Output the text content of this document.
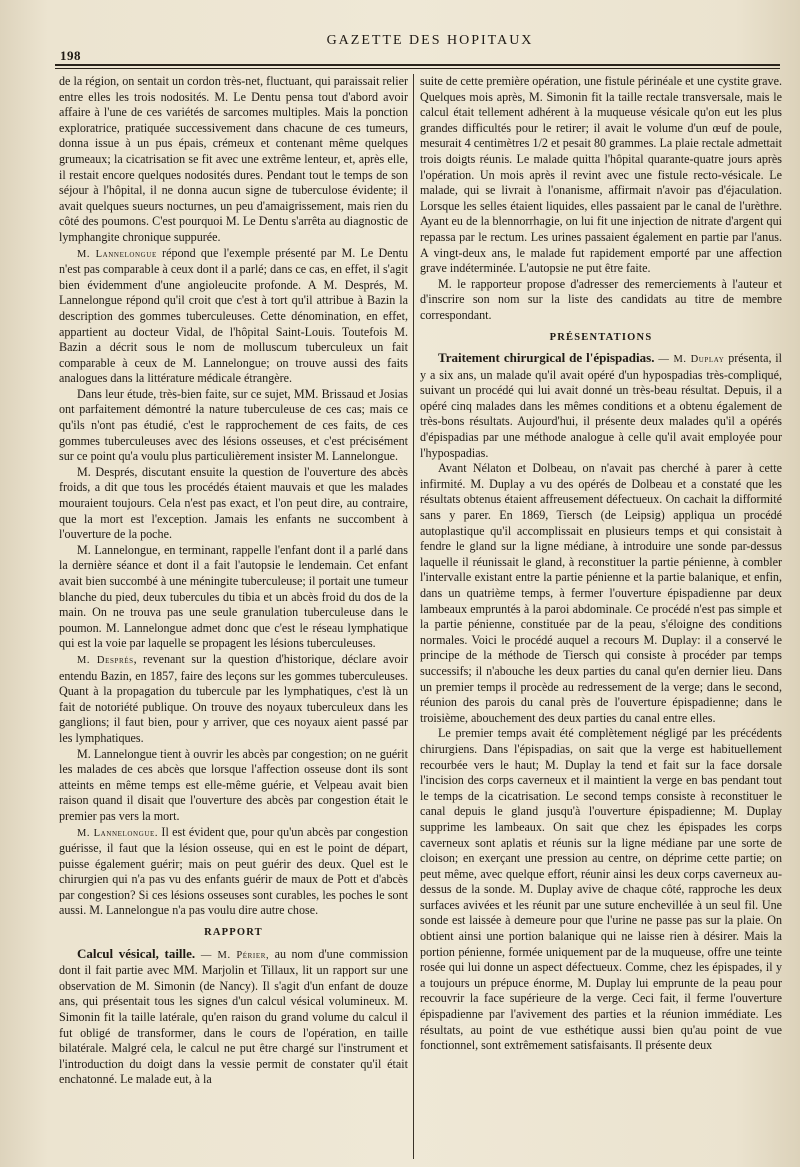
198
GAZETTE DES HOPITAUX

de la région, on sentait un cordon très-net, fluctuant, qui paraissait relier entre elles les trois nodosités. M. Le Dentu pensa tout d'abord avoir affaire à l'une de ces variétés de sarcomes multiples. Mais la ponction exploratrice, pratiquée successivement dans chacune de ces tumeurs, donna issue à un pus épais, crémeux et contenant même quelques grumeaux; la cicatrisation se fit avec une extrême lenteur, et, après elle, il restait encore quelques nodosités dures. Pendant tout le temps de son séjour à l'hôpital, il ne donna aucun signe de tuberculose évidente; il avait quelques sueurs nocturnes, un peu d'amaigrissement, mais rien du côté des poumons. C'est pourquoi M. Le Dentu s'arrêta au diagnostic de lymphangite chronique suppurée.

M. Lannelongue répond que l'exemple présenté par M. Le Dentu n'est pas comparable à ceux dont il a parlé; dans ce cas, en effet, il s'agit bien évidemment d'une angioleucite profonde. A M. Després, M. Lannelongue répond qu'il croit que c'est à tort qu'il attribue à Bazin la description des gommes tuberculeuses. Cette dénomination, en effet, appartient au docteur Vidal, de l'hôpital Saint-Louis. Toutefois M. Bazin a décrit sous le nom de molluscum tuberculeux un fait comparable à ceux de M. Lannelongue; on trouve aussi des faits analogues dans la littérature médicale étrangère.

Dans leur étude, très-bien faite, sur ce sujet, MM. Brissaud et Josias ont parfaitement démontré la nature tuberculeuse de ces cas; mais ce qu'ils n'ont pas étudié, c'est le rapprochement de ces faits, de ces gommes tuberculeuses avec des lésions osseuses, et c'est précisément sur ce point qu'a voulu plus particulièrement insister M. Lannelongue.

M. Després, discutant ensuite la question de l'ouverture des abcès froids, a dit que tous les procédés étaient mauvais et que les malades mouraient toujours. Cela n'est pas exact, et l'on peut dire, au contraire, que la mort est l'exception. Jamais les enfants ne succombent à l'ouverture de la poche.

M. Lannelongue, en terminant, rappelle l'enfant dont il a parlé dans la dernière séance et dont il a fait l'autopsie le lendemain. Cet enfant avait bien succombé à une méningite tuberculeuse; il portait une tumeur blanche du pied, deux tubercules du tibia et un abcès froid du dos de la main. On ne trouva pas une seule granulation tuberculeuse dans le poumon. M. Lannelongue admet donc que c'est le réseau lymphatique qui est la voie par laquelle se propagent les lésions tuberculeuses.

M. Després, revenant sur la question d'historique, déclare avoir entendu Bazin, en 1857, faire des leçons sur les gommes tuberculeuses. Quant à la propagation du tubercule par les lymphatiques, c'est là un fait de notoriété publique. On trouve des noyaux tuberculeux dans les ganglions; il faut bien, pour y arriver, que ces noyaux aient passé par les lymphatiques.

M. Lannelongue tient à ouvrir les abcès par congestion; on ne guérit les malades de ces abcès que lorsque l'affection osseuse dont ils sont atteints en même temps est elle-même guérie, et Velpeau avait bien raison quand il disait que l'ouverture des abcès par congestion était le premier pas vers la mort.

M. Lannelongue. Il est évident que, pour qu'un abcès par congestion guérisse, il faut que la lésion osseuse, qui en est le point de départ, puisse également guérir; mais on peut guérir des deux. Quel est le chirurgien qui n'a pas vu des enfants guérir de maux de Pott et d'abcès par congestion? Si ces lésions osseuses sont curables, les poches le sont aussi. M. Lannelongue n'a pas voulu dire autre chose.

RAPPORT

Calcul vésical, taille. — M. Périer, au nom d'une commission dont il fait partie avec MM. Marjolin et Tillaux, lit un rapport sur une observation de M. Simonin (de Nancy). Il s'agit d'un enfant de douze ans, qui présentait tous les signes d'un calcul vésical volumineux. M. Simonin fit la taille latérale, qu'en raison du grand volume du calcul il fut obligé de transformer, dans le cours de l'opération, en taille bilatérale. Malgré cela, le calcul ne put être chargé sur l'instrument et l'introduction du doigt dans la vessie permit de constater qu'il était enchatonné. Le malade eut, à la

suite de cette première opération, une fistule périnéale et une cystite grave. Quelques mois après, M. Simonin fit la taille rectale transversale, mais le calcul était tellement adhérent à la muqueuse vésicale qu'on eut les plus grandes difficultés pour le retirer; il avait le volume d'un œuf de poule, mesurait 4 centimètres 1/2 et pesait 80 grammes. La plaie rectale admettait trois doigts réunis. Le malade quitta l'hôpital quarante-quatre jours après l'opération. Un mois après il revint avec une fistule recto-vésicale. Le malade, qui se livrait à l'onanisme, affirmait n'avoir pas d'éjaculation. Lorsque les selles étaient liquides, elles passaient par le canal de l'urèthre. Ayant eu de la blennorrhagie, on lui fit une injection de nitrate d'argent qui repassa par le rectum. Les urines passaient également en partie par l'anus. A vingt-deux ans, le malade fut rapidement emporté par une affection grave indéterminée. L'autopsie ne put être faite.

M. le rapporteur propose d'adresser des remerciements à l'auteur et d'inscrire son nom sur la liste des candidats au titre de membre correspondant.

PRÉSENTATIONS

Traitement chirurgical de l'épispadias. — M. Duplay présenta, il y a six ans, un malade qu'il avait opéré d'un hypospadias très-compliqué, suivant un procédé qui lui avait donné un très-beau résultat. Depuis, il a opéré cinq malades dans les mêmes conditions et a obtenu également de très-bons résultats. Aujourd'hui, il présente deux malades qu'il a opérés d'épispadias par une méthode analogue à celle qu'il avait employée pour l'hypospadias.

Avant Nélaton et Dolbeau, on n'avait pas cherché à parer à cette infirmité. M. Duplay a vu des opérés de Dolbeau et a constaté que les résultats obtenus étaient affreusement défectueux. On cachait la difformité sans y parer. En 1869, Tiersch (de Leipsig) appliqua un procédé autoplastique qu'il accomplissait en plusieurs temps et qui consistait à fendre le gland sur la ligne médiane, à introduire une sonde par-dessus laquelle il réunissait le gland, à reconstituer la partie pénienne, à combler l'intervalle existant entre la partie pénienne et la partie balanique, et enfin, dans un quatrième temps, à fermer l'ouverture épispadienne par deux lambeaux empruntés à la paroi abdominale. Ce procédé n'est pas simple et la partie pénienne, constituée par de la peau, s'éloigne des conditions normales. Voici le procédé auquel a recours M. Duplay: il a conservé le principe de la méthode de Tiersch qui consiste à procéder par temps successifs; il n'abouche les deux parties du canal qu'en dernier lieu. Dans un premier temps il procède au redressement de la verge; dans le second, réunion des parois du canal près de l'ouverture épispadienne; dans le troisième, abouchement des deux parties du canal entre elles.

Le premier temps avait été complètement négligé par les précédents chirurgiens. Dans l'épispadias, on sait que la verge est habituellement recourbée vers le haut; M. Duplay la tend et fait sur la face dorsale l'incision des corps caverneux et il maintient la verge en bas pendant tout le temps de la cicatrisation. Le second temps consiste à reconstituer le canal depuis le gland jusqu'à l'ouverture épispadienne; M. Duplay supprime les lambeaux. On sait que chez les épispades les corps caverneux sont aplatis et réunis sur la ligne médiane par une sorte de cloison; en exerçant une pression au centre, on déprime cette partie; on peut même, avec quelque effort, réunir ainsi les deux corps caverneux au-dessus de la sonde. M. Duplay avive de chaque côté, rapproche les deux surfaces avivées et les réunit par une suture enchevillée à un seul fil. Une sonde est laissée à demeure pour que l'urine ne passe pas sur la plaie. On obtient ainsi une portion balanique qui ne laisse rien à désirer. Mais la portion pénienne, formée uniquement par de la muqueuse, offre une teinte rosée qui lui donne un aspect défectueux. Comme, chez les épispades, il y a toujours un prépuce énorme, M. Duplay lui emprunte de la peau pour recouvrir la face supérieure de la verge. Ceci fait, il ferme l'ouverture épispadienne par l'avivement des parties et la réunion immédiate. Les résultats, au point de vue esthétique aussi bien qu'au point de vue fonctionnel, sont extrêmement satisfaisants. Il présente deux
